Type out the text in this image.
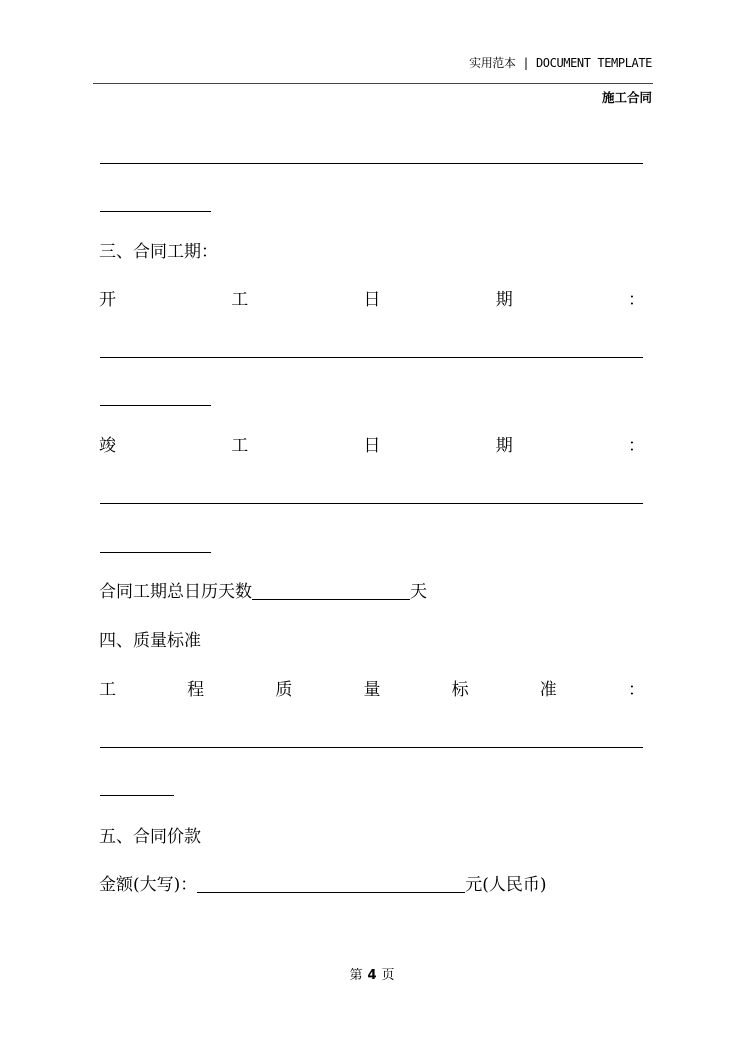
实用范本 | DOCUMENT TEMPLATE
施工合同
三、合同工期：
开	工	日	期	：
竣	工	日	期	：
合同工期总日历天数	天
四、质量标准
工	程	质	量	标	准	：
五、合同价款
金额(大写)：	元(人民币)
第 4 页
